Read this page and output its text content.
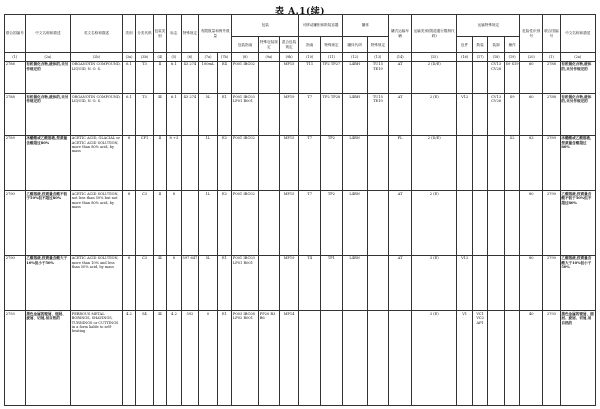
表 A.1(续)
联合国编号	中文名称和描述	英文名称和描述	类别	分类代码	包装类别	标志	特殊规定	有限数量和例外数量		包装			可移动罐柜和散装容器		罐体		罐式运输车辆	运输类别(隧道通行限制代码)	运输特殊规定				危险性识别号	联合国编号	中文名称和描述
										包装指南	特殊包装规定	混合包装规定	指南	特殊规定	罐体代码	特殊规定			包件	散装	装卸	操作			
(1)	(2a)	(2b)	(3a)	(3b)	(4)	(5)	(6)	(7a)	(7b)	(8)	(9a)	(9b)	(10)	(11)	(12)	(13)	(14)	(15)	(16)	(17)	(18)	(19)	(20)	(1)	(2a)
2788	有机锡化合物,液体的,未另作规定的	ORGANOTIN COMPOUND, LIQUID, N. O. S.	6.1	T3	Ⅱ	6.1	43 274	100mL	E4	P001 IBC02		MP15	T11	TP2 TP27	L4BH	TU15 TE19	AT	2 (D/E)			CV13 CV28	S9 S19	60	2788	有机锡化合物,液体的,未另作规定的
2788	有机锡化合物,液体的,未另作规定的	ORGANOTIN COMPOUND, LIQUID, N. O. S.	6.1	T3	Ⅲ	6.1	43 274	5L	E1	P001 IBC03 LP01 R001		MP19	T7	TP2 TP28	L4BH	TU15 TE19	AT	2 (E)	V12		CV13 CV28	S9	60	2788	有机锡化合物,液体的,未另作规定的
2789	冰醋酸或乙酸溶液,按质量含酸超过80%	ACETIC ACID, GLACIAL or ACETIC ACID SOLUTION, more than 80% acid, by mass	8	CF1	Ⅱ	8 +3		1L	E2	P001 IBC02		MP15	T7	TP2	L4BN		FL	2 (D/E)				S2	83	2789	冰醋酸或乙酸溶液,按质量含酸超过80%
2790	乙酸溶液,按质量含酸不低于50%但不超过80%	ACETIC ACID SOLUTION, not less than 50% but not more than 80% acid, by mass	8	C3	Ⅱ	8		1L	E2	P001 IBC02		MP15	T7	TP2	L4BN		AT	2 (E)					80	2790	乙酸溶液,按质量含酸不低于50%但不超过80%
2790	乙酸溶液,按质量含酸大于10%但小于50%	ACETIC ACID SOLUTION, more than 10% and less than 50% acid, by mass	8	C3	Ⅲ	8	597 647	5L	E1	P001 IBC03 LP01 R001		MP19	T4	TP1	L4BN		AT	3 (E)	V12				80	2790	乙酸溶液,按质量含酸大于10%但小于50%
2793	黑色金属的镗屑、刨屑、旋屑、切屑,易自热的	FERROUS METAL BORINGS, SHAVINGS, TURNINGS or CUTTINGS in a form liable to self-heating	4.2	S4	Ⅲ	4.2	592	0	E1	P003 IBC08 LP02 R001	PP20 B3 B6	MP14						3 (E)	V1	VC1 VC2 AP1			40	2793	黑色金属的镗屑、刨屑、旋屑、切屑,易自热的
